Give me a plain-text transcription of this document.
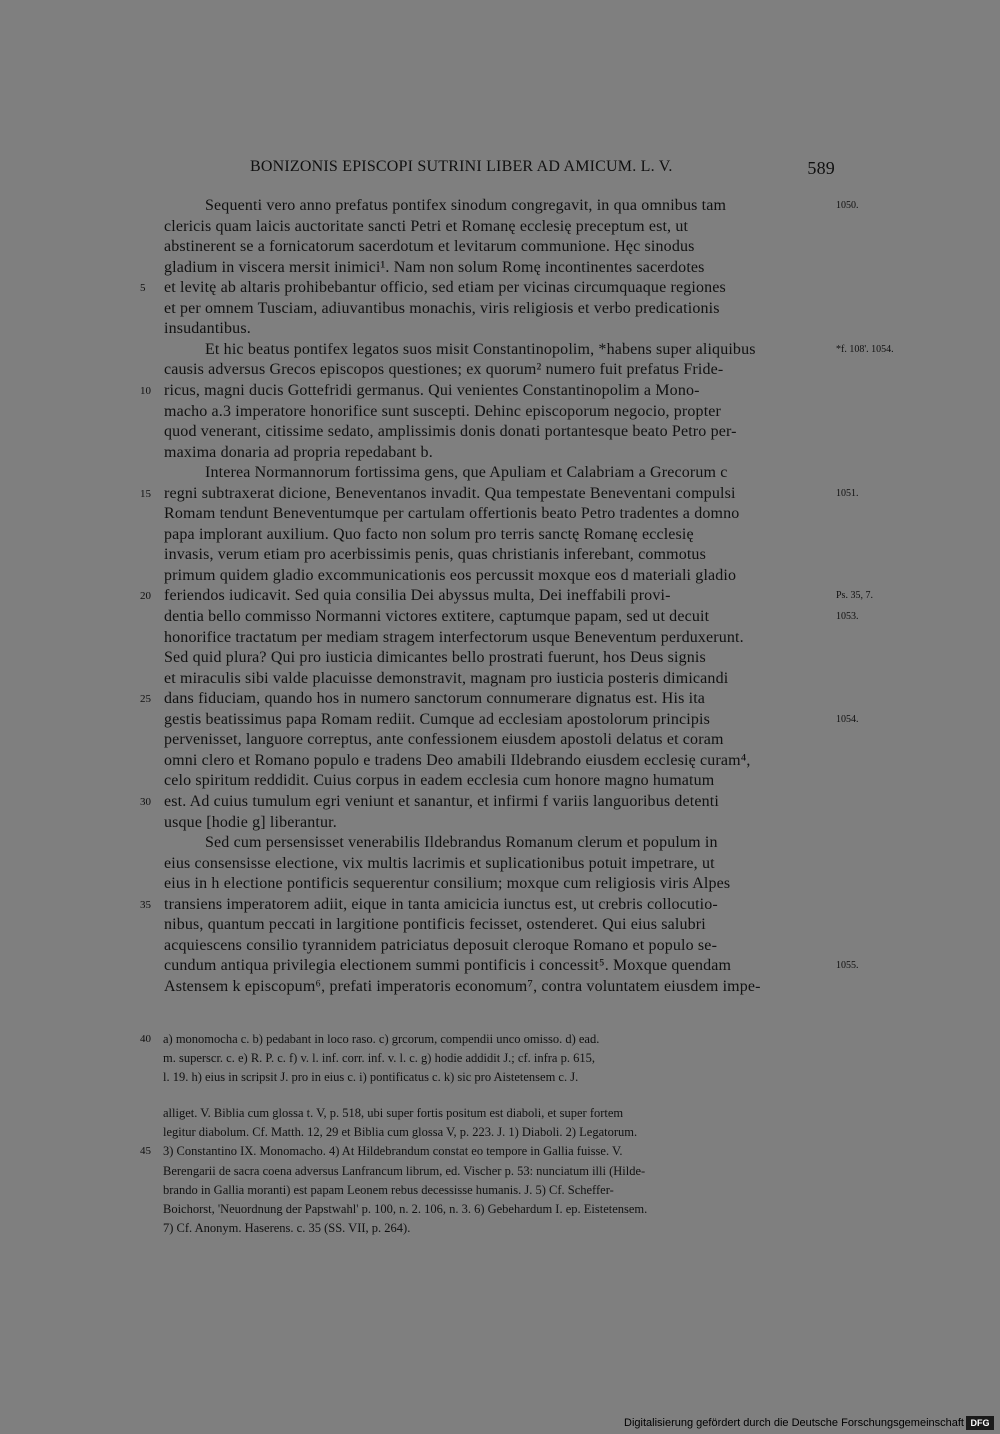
BONIZONIS EPISCOPI SUTRINI LIBER AD AMICUM. L. V.	589
Sequenti vero anno prefatus pontifex sinodum congregavit, in qua omnibus tam	1050.
clericis quam laicis auctoritate sancti Petri et Romanę ecclesię preceptum est, ut
abstinerent se a fornicatorum sacerdotum et levitarum communione. Hęc sinodus
gladium in viscera mersit inimici¹. Nam non solum Romę incontinentes sacerdotes
et levitę ab altaris prohibebantur officio, sed etiam per vicinas circumquaque regiones
5
et per omnem Tusciam, adiuvantibus monachis, viris religiosis et verbo predicationis
insudantibus.
Et hic beatus pontifex legatos suos misit Constantinopolim, *habens super aliquibus	*f. 108'. 1054.
causis adversus Grecos episcopos questiones; ex quorum² numero fuit prefatus Fride-
ricus, magni ducis Gottefridi germanus. Qui venientes Constantinopolim a Mono-
10
macho a.3 imperatore honorifice sunt suscepti. Dehinc episcoporum negocio, propter
quod venerant, citissime sedato, amplissimis donis donati portantesque beato Petro per-
maxima donaria ad propria repedabant b.
Interea Normannorum fortissima gens, que Apuliam et Calabriam a Grecorum c
regni subtraxerat dicione, Beneventanos invadit. Qua tempestate Beneventani compulsi
15	1051.
Romam tendunt Beneventumque per cartulam offertionis beato Petro tradentes a domno
papa implorant auxilium. Quo facto non solum pro terris sanctę Romanę ecclesię
invasis, verum etiam pro acerbissimis penis, quas christianis inferebant, commotus
primum quidem gladio excommunicationis eos percussit moxque eos d materiali gladio
feriendos iudicavit. Sed quia consilia Dei abyssus multa, Dei ineffabili provi-
20	Ps. 35, 7.
dentia bello commisso Normanni victores extitere, captumque papam, sed ut decuit	1053.
honorifice tractatum per mediam stragem interfectorum usque Beneventum perduxerunt.
Sed quid plura? Qui pro iusticia dimicantes bello prostrati fuerunt, hos Deus signis
et miraculis sibi valde placuisse demonstravit, magnam pro iusticia posteris dimicandi
dans fiduciam, quando hos in numero sanctorum connumerare dignatus est. His ita
25
gestis beatissimus papa Romam rediit. Cumque ad ecclesiam apostolorum principis	1054.
pervenisset, languore correptus, ante confessionem eiusdem apostoli delatus et coram
omni clero et Romano populo e tradens Deo amabili Ildebrando eiusdem ecclesię curam⁴,
celo spiritum reddidit. Cuius corpus in eadem ecclesia cum honore magno humatum
est. Ad cuius tumulum egri veniunt et sanantur, et infirmi f variis languoribus detenti
30
usque [hodie g] liberantur.
Sed cum persensisset venerabilis Ildebrandus Romanum clerum et populum in
eius consensisse electione, vix multis lacrimis et suplicationibus potuit impetrare, ut
eius in h electione pontificis sequerentur consilium; moxque cum religiosis viris Alpes
transiens imperatorem adiit, eique in tanta amicicia iunctus est, ut crebris collocutio-
35
nibus, quantum peccati in largitione pontificis fecisset, ostenderet. Qui eius salubri
acquiescens consilio tyrannidem patriciatus deposuit cleroque Romano et populo se-
cundum antiqua privilegia electionem summi pontificis i concessit⁵. Moxque quendam	1055.
Astensem k episcopum⁶, prefati imperatoris economum⁷, contra voluntatem eiusdem impe-
a) monomocha c. b) pedabant in loco raso. c) grcorum, compendii unco omisso. d) ead.
40
m. superscr. c. e) R. P. c. f) v. l. inf. corr. inf. v. l. c. g) hodie addidit J.; cf. infra p. 615,
l. 19. h) eius in scripsit J. pro in eius c. i) pontificatus c. k) sic pro Aistetensem c. J.
alliget. V. Biblia cum glossa t. V, p. 518, ubi super fortis positum est diaboli, et super fortem
legitur diabolum. Cf. Matth. 12, 29 et Biblia cum glossa V, p. 223. J. 1) Diaboli. 2) Legatorum.
3) Constantino IX. Monomacho. 4) At Hildebrandum constat eo tempore in Gallia fuisse. V.
45
Berengarii de sacra coena adversus Lanfrancum librum, ed. Vischer p. 53: nunciatum illi (Hilde-
brando in Gallia moranti) est papam Leonem rebus decessisse humanis. J. 5) Cf. Scheffer-
Boichorst, 'Neuordnung der Papstwahl' p. 100, n. 2. 106, n. 3. 6) Gebehardum I. ep. Eistetensem.
7) Cf. Anonym. Haserens. c. 35 (SS. VII, p. 264).
Digitalisierung gefördert durch die Deutsche Forschungsgemeinschaft DFG
